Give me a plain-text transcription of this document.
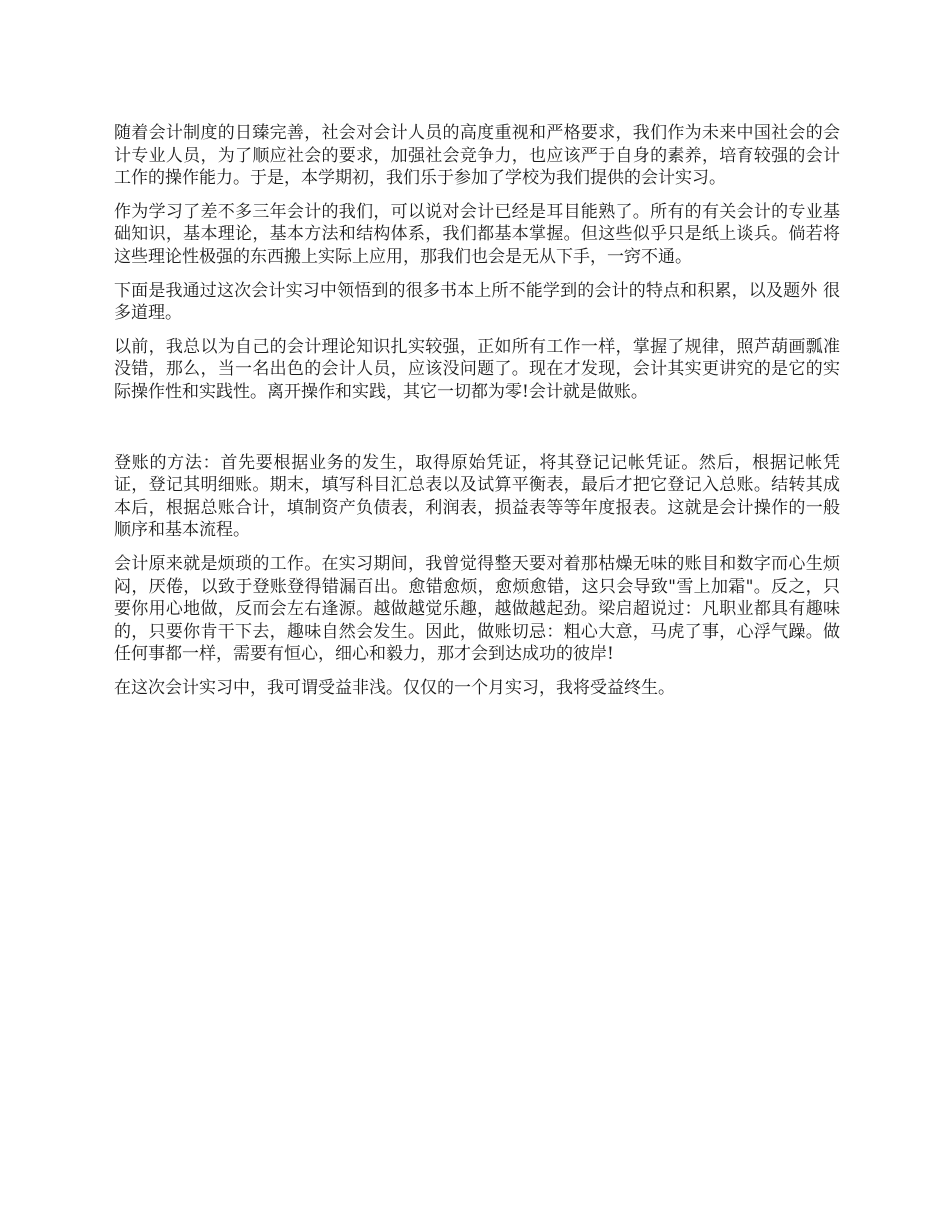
随着会计制度的日臻完善，社会对会计人员的高度重视和严格要求，我们作为未来中国社会的会计专业人员，为了顺应社会的要求，加强社会竞争力，也应该严于自身的素养，培育较强的会计工作的操作能力。于是，本学期初，我们乐于参加了学校为我们提供的会计实习。

作为学习了差不多三年会计的我们，可以说对会计已经是耳目能熟了。所有的有关会计的专业基础知识，基本理论，基本方法和结构体系，我们都基本掌握。但这些似乎只是纸上谈兵。倘若将这些理论性极强的东西搬上实际上应用，那我们也会是无从下手，一窍不通。

下面是我通过这次会计实习中领悟到的很多书本上所不能学到的会计的特点和积累，以及题外 很多道理。

以前，我总以为自己的会计理论知识扎实较强，正如所有工作一样，掌握了规律，照芦葫画瓢准没错，那么，当一名出色的会计人员，应该没问题了。现在才发现，会计其实更讲究的是它的实际操作性和实践性。离开操作和实践，其它一切都为零!会计就是做账。

登账的方法：首先要根据业务的发生，取得原始凭证，将其登记记帐凭证。然后，根据记帐凭证，登记其明细账。期末，填写科目汇总表以及试算平衡表，最后才把它登记入总账。结转其成本后，根据总账合计，填制资产负债表，利润表，损益表等等年度报表。这就是会计操作的一般顺序和基本流程。

会计原来就是烦琐的工作。在实习期间，我曾觉得整天要对着那枯燥无味的账目和数字而心生烦闷，厌倦，以致于登账登得错漏百出。愈错愈烦，愈烦愈错，这只会导致"雪上加霜"。反之，只要你用心地做，反而会左右逢源。越做越觉乐趣，越做越起劲。梁启超说过：凡职业都具有趣味的，只要你肯干下去，趣味自然会发生。因此，做账切忌：粗心大意，马虎了事，心浮气躁。做任何事都一样，需要有恒心，细心和毅力，那才会到达成功的彼岸!

在这次会计实习中，我可谓受益非浅。仅仅的一个月实习，我将受益终生。
